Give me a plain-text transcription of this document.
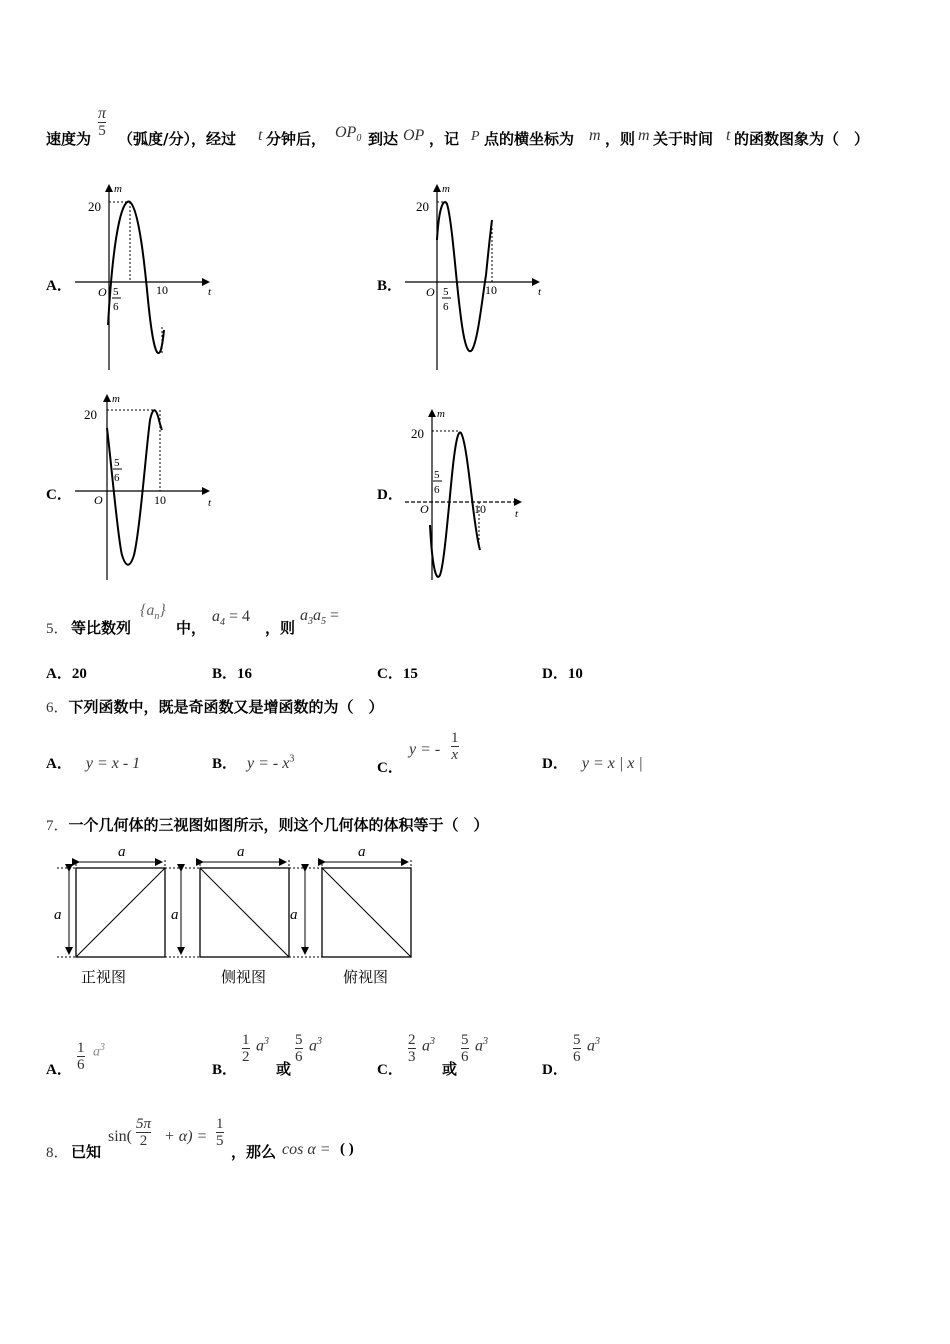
速度为
π
5 （弧度/分），经过 t 分钟后， $OP_0$ 到达 OP ，记 P 点的横坐标为 m ，则 m 关于时间 t 的函数图象为（　）
A．
m
t
20
O 5
6
10	B．
m
t
20
O 5
6
10
C．
m
t
20
O
5
6
10	D．
m
t
20
O
5
6
10
5． 等比数列
$\{a_n\}$
中，
$a_4 = 4$
，则
$a_3a_5$ =
A．20	B．16	C．15	D．10
6．下列函数中，既是奇函数又是增函数的为（　）
A． y = x - 1	B． y = - $x^3$
C．
y = -
1
x
D． y = x | x |
7．一个几何体的三视图如图所示，则这个几何体的体积等于（　）
a
a
正视图
a
a
侧视图
a
a
俯视图
A．
1
6
$a^3$
B．
1
2
$a^3$
或
5
6
$a^3$
C．
2
3
$a^3$
或
5
6
$a^3$
D．
5
6
$a^3$
8． 已知
sin(
5π
2 + α) =
1
5
，那么 cos α = ( )
